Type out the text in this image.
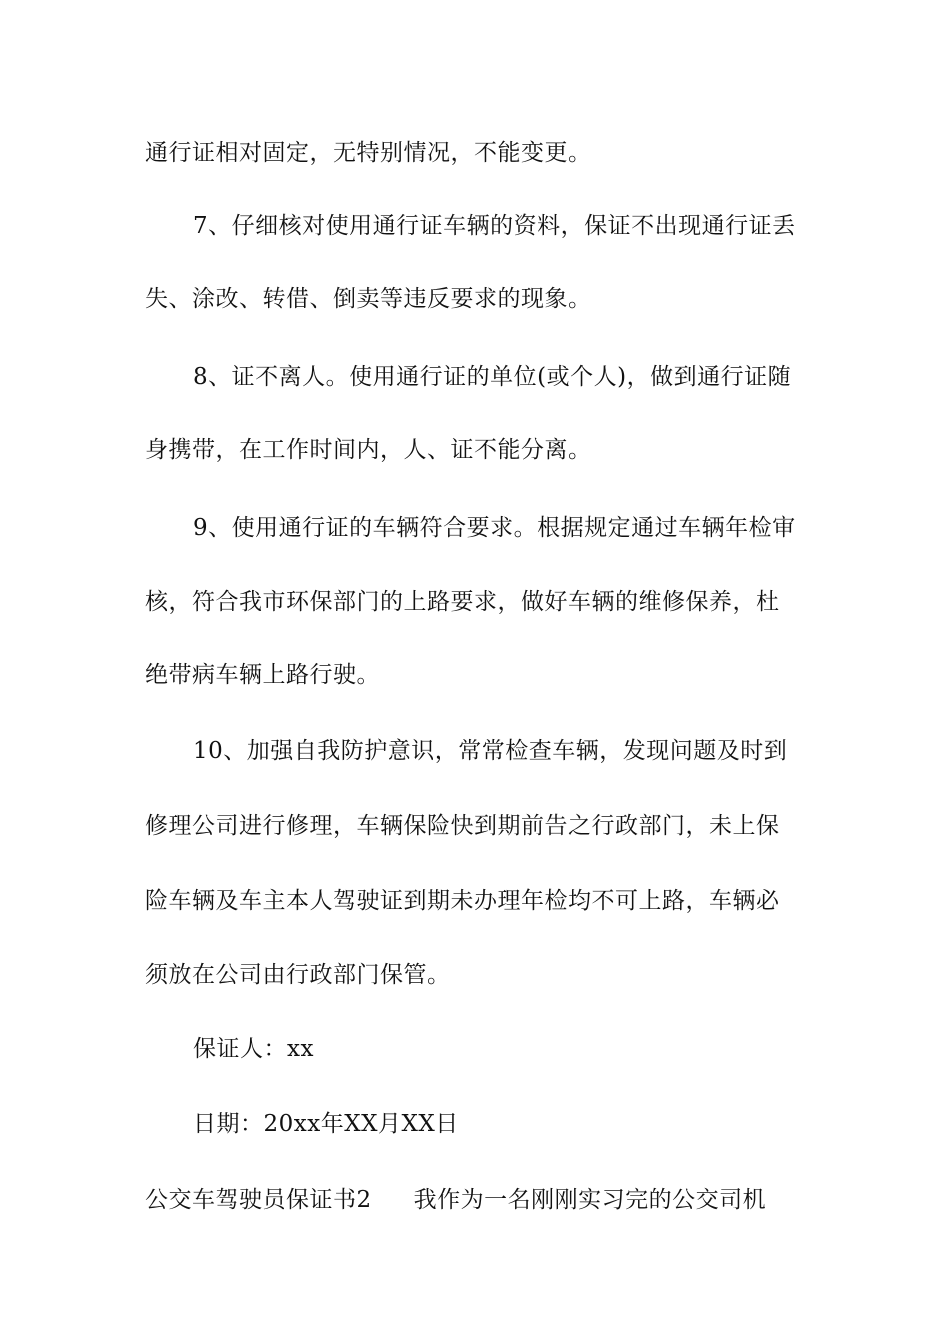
通行证相对固定，无特别情况，不能变更。
7、仔细核对使用通行证车辆的资料，保证不出现通行证丢
失、涂改、转借、倒卖等违反要求的现象。
8、证不离人。使用通行证的单位(或个人)，做到通行证随
身携带，在工作时间内，人、证不能分离。
9、使用通行证的车辆符合要求。根据规定通过车辆年检审
核，符合我市环保部门的上路要求，做好车辆的维修保养，杜
绝带病车辆上路行驶。
10、加强自我防护意识，常常检查车辆，发现问题及时到
修理公司进行修理，车辆保险快到期前告之行政部门，未上保
险车辆及车主本人驾驶证到期未办理年检均不可上路，车辆必
须放在公司由行政部门保管。
保证人：xx
日期：20xx年XX月XX日
公交车驾驶员保证书2 我作为一名刚刚实习完的公交司机
